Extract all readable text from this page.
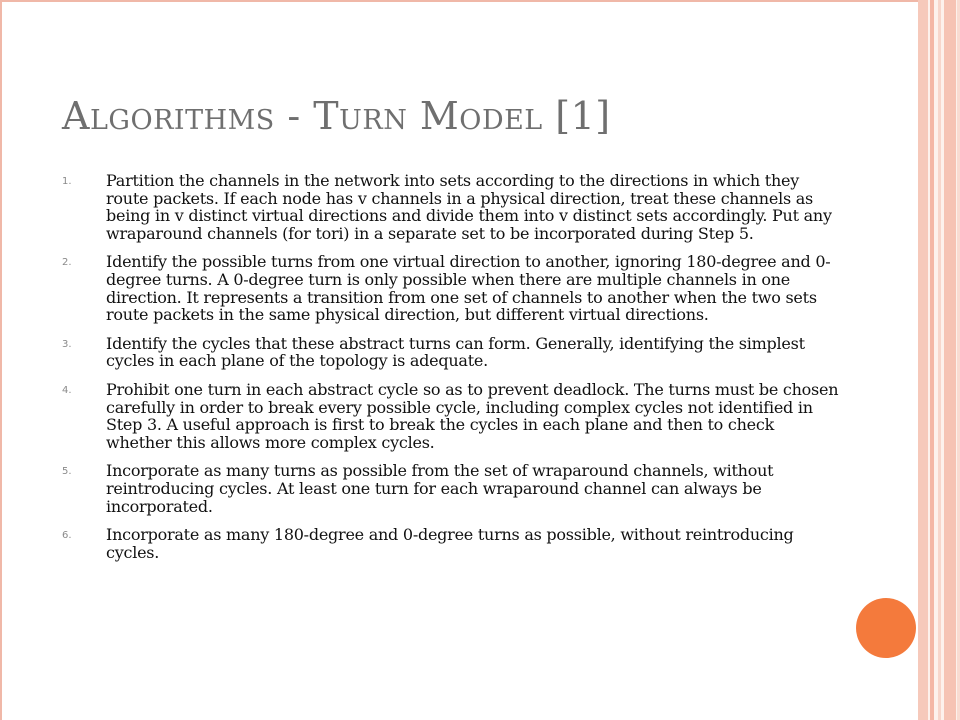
Algorithms - Turn Model [1]
1.	Partition the channels in the network into sets according to the directions in which they route packets. If each node has v channels in a physical direction, treat these channels as being in v distinct virtual directions and divide them into v distinct sets accordingly. Put any wraparound channels (for tori) in a separate set to be incorporated during Step 5.
2.	Identify the possible turns from one virtual direction to another, ignoring 180-degree and 0-degree turns. A 0-degree turn is only possible when there are multiple channels in one direction. It represents a transition from one set of channels to another when the two sets route packets in the same physical direction, but different virtual directions.
3.	Identify the cycles that these abstract turns can form. Generally, identifying the simplest cycles in each plane of the topology is adequate.
4.	Prohibit one turn in each abstract cycle so as to prevent deadlock. The turns must be chosen carefully in order to break every possible cycle, including complex cycles not identified in Step 3. A useful approach is first to break the cycles in each plane and then to check whether this allows more complex cycles.
5.	Incorporate as many turns as possible from the set of wraparound channels, without reintroducing cycles. At least one turn for each wraparound channel can always be incorporated.
6.	Incorporate as many 180-degree and 0-degree turns as possible, without reintroducing cycles.
